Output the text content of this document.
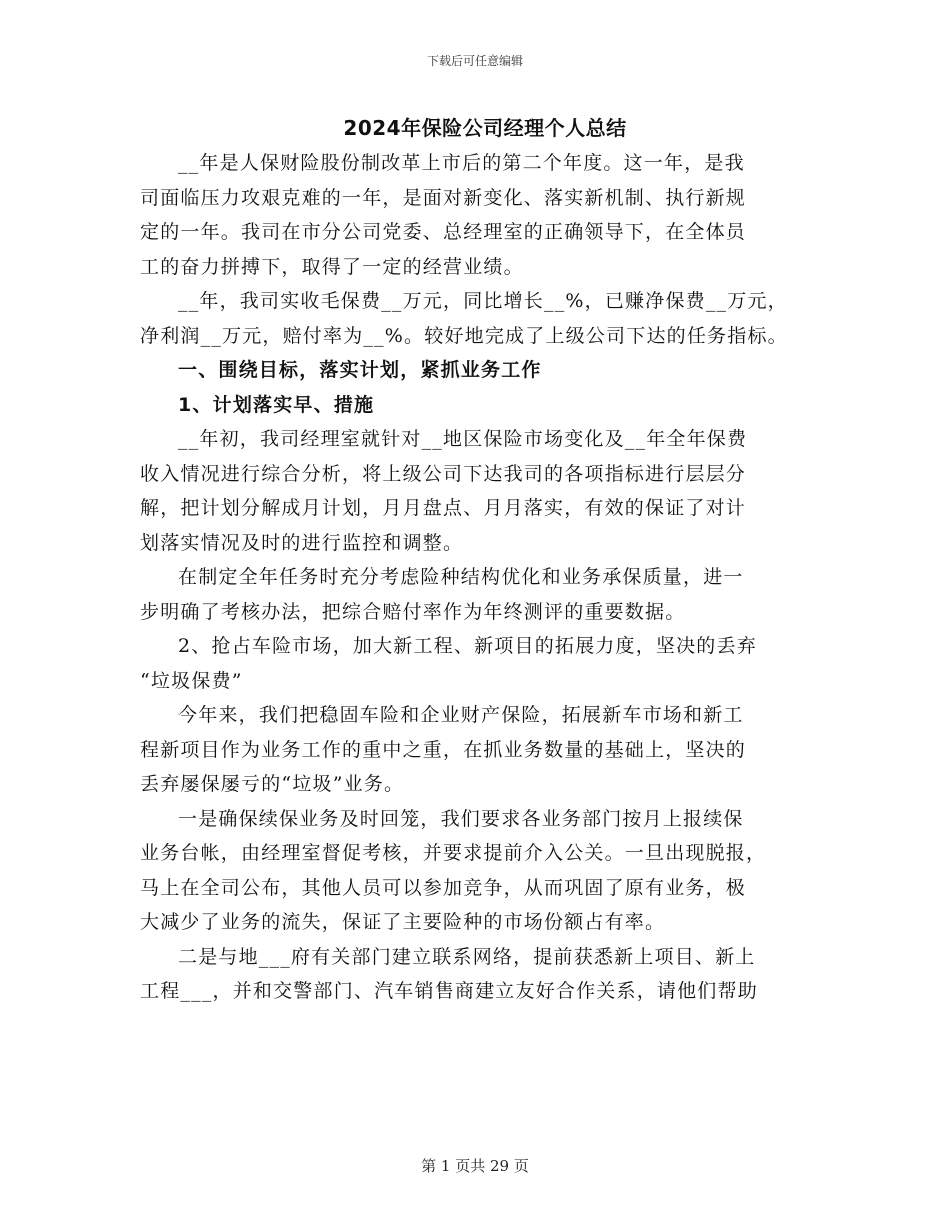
下载后可任意编辑
2024年保险公司经理个人总结

__年是人保财险股份制改革上市后的第二个年度。这一年，是我
司面临压力攻艰克难的一年，是面对新变化、落实新机制、执行新规
定的一年。我司在市分公司党委、总经理室的正确领导下，在全体员
工的奋力拼搏下，取得了一定的经营业绩。

__年，我司实收毛保费__万元，同比增长__%，已赚净保费__万元，
净利润__万元，赔付率为__%。较好地完成了上级公司下达的任务指标。

一、围绕目标，落实计划，紧抓业务工作
1、计划落实早、措施

__年初，我司经理室就针对__地区保险市场变化及__年全年保费
收入情况进行综合分析，将上级公司下达我司的各项指标进行层层分
解，把计划分解成月计划，月月盘点、月月落实，有效的保证了对计
划落实情况及时的进行监控和调整。

在制定全年任务时充分考虑险种结构优化和业务承保质量，进一
步明确了考核办法，把综合赔付率作为年终测评的重要数据。

2、抢占车险市场，加大新工程、新项目的拓展力度，坚决的丢弃
“垃圾保费”

今年来，我们把稳固车险和企业财产保险，拓展新车市场和新工
程新项目作为业务工作的重中之重，在抓业务数量的基础上，坚决的
丢弃屡保屡亏的“垃圾”业务。

一是确保续保业务及时回笼，我们要求各业务部门按月上报续保
业务台帐，由经理室督促考核，并要求提前介入公关。一旦出现脱报，
马上在全司公布，其他人员可以参加竞争，从而巩固了原有业务，极
大减少了业务的流失，保证了主要险种的市场份额占有率。

二是与地___府有关部门建立联系网络，提前获悉新上项目、新上
工程___，并和交警部门、汽车销售商建立友好合作关系，请他们帮助

第 1 页共 29 页
